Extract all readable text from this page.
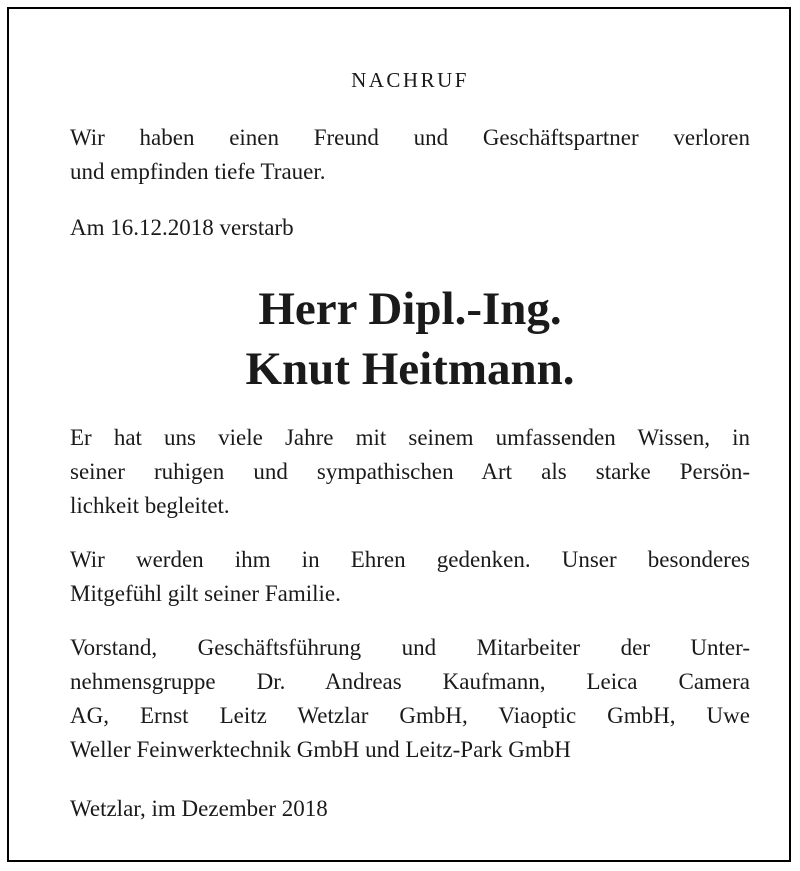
NACHRUF
Wir haben einen Freund und Geschäftspartner verloren
und empfinden tiefe Trauer.
Am 16.12.2018 verstarb
Herr Dipl.-Ing.
Knut Heitmann.
Er hat uns viele Jahre mit seinem umfassenden Wissen, in
seiner ruhigen und sympathischen Art als starke Persön-
lichkeit begleitet.
Wir werden ihm in Ehren gedenken. Unser besonderes
Mitgefühl gilt seiner Familie.
Vorstand, Geschäftsführung und Mitarbeiter der Unter-
nehmensgruppe Dr. Andreas Kaufmann, Leica Camera
AG, Ernst Leitz Wetzlar GmbH, Viaoptic GmbH, Uwe
Weller Feinwerktechnik GmbH und Leitz-Park GmbH
Wetzlar, im Dezember 2018
